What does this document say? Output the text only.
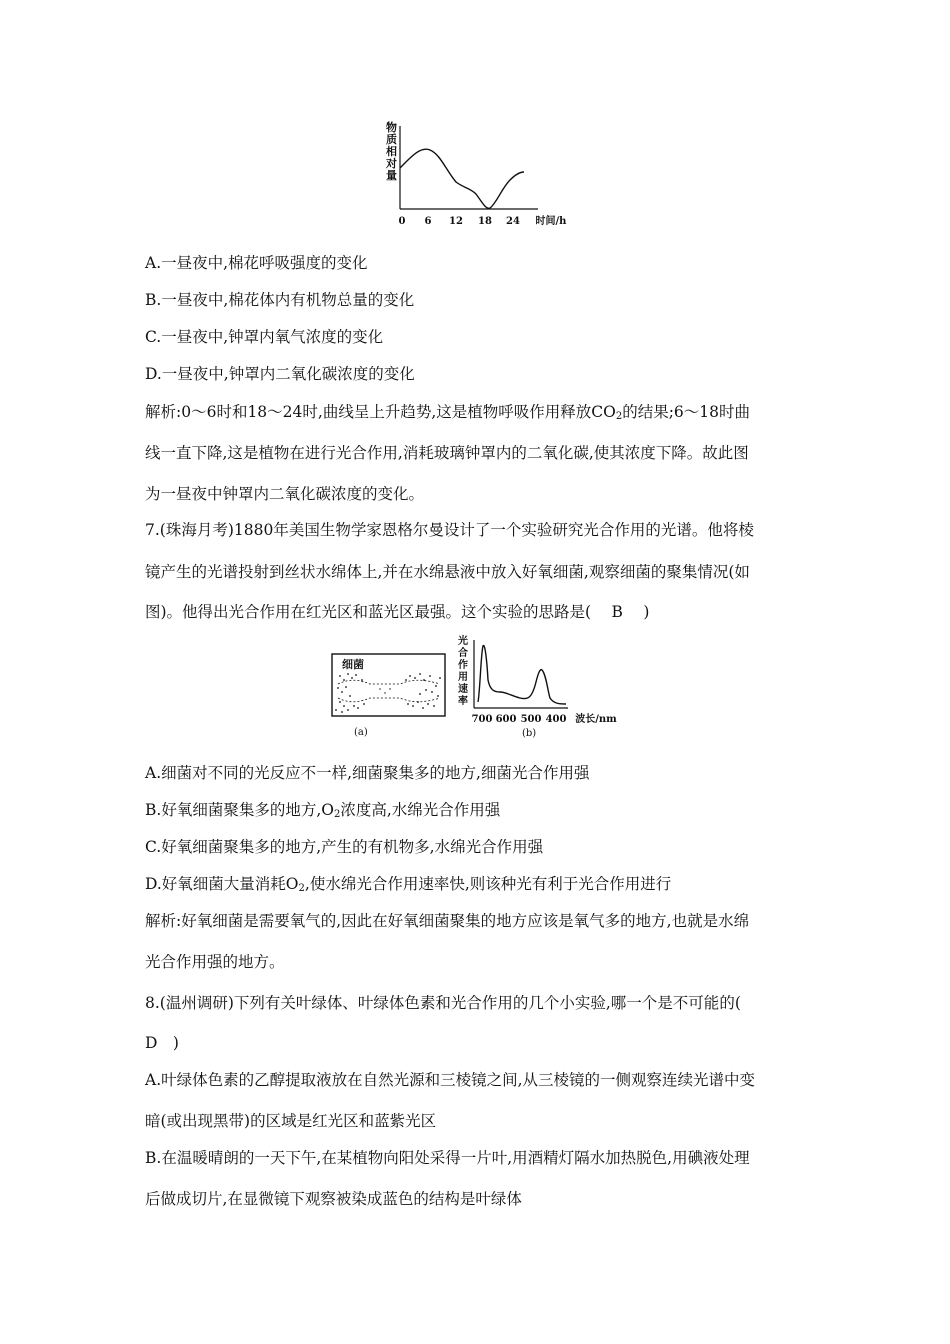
物
质
相
对
量
0 6 12 18 24 时间/h
A.一昼夜中,棉花呼吸强度的变化
B.一昼夜中,棉花体内有机物总量的变化
C.一昼夜中,钟罩内氧气浓度的变化
D.一昼夜中,钟罩内二氧化碳浓度的变化
解析:0～6时和18～24时,曲线呈上升趋势,这是植物呼吸作用释放$CO_2$的结果;6～18时曲
线一直下降,这是植物在进行光合作用,消耗玻璃钟罩内的二氧化碳,使其浓度下降。故此图
为一昼夜中钟罩内二氧化碳浓度的变化。
7.(珠海月考)1880年美国生物学家恩格尔曼设计了一个实验研究光合作用的光谱。他将棱
镜产生的光谱投射到丝状水绵体上,并在水绵悬液中放入好氧细菌,观察细菌的聚集情况(如
图)。他得出光合作用在红光区和蓝光区最强。这个实验的思路是(　 B　 )
细菌
(a)
光
合
作
用
速
率
700 600 500 400 波长/nm
(b)
A.细菌对不同的光反应不一样,细菌聚集多的地方,细菌光合作用强
B.好氧细菌聚集多的地方$,O_2$浓度高,水绵光合作用强
C.好氧细菌聚集多的地方,产生的有机物多,水绵光合作用强
D.好氧细菌大量消耗$O_2$,使水绵光合作用速率快,则该种光有利于光合作用进行
解析:好氧细菌是需要氧气的,因此在好氧细菌聚集的地方应该是氧气多的地方,也就是水绵
光合作用强的地方。
8.(温州调研)下列有关叶绿体、叶绿体色素和光合作用的几个小实验,哪一个是不可能的(
D　)
A.叶绿体色素的乙醇提取液放在自然光源和三棱镜之间,从三棱镜的一侧观察连续光谱中变
暗(或出现黑带)的区域是红光区和蓝紫光区
B.在温暖晴朗的一天下午,在某植物向阳处采得一片叶,用酒精灯隔水加热脱色,用碘液处理
后做成切片,在显微镜下观察被染成蓝色的结构是叶绿体
